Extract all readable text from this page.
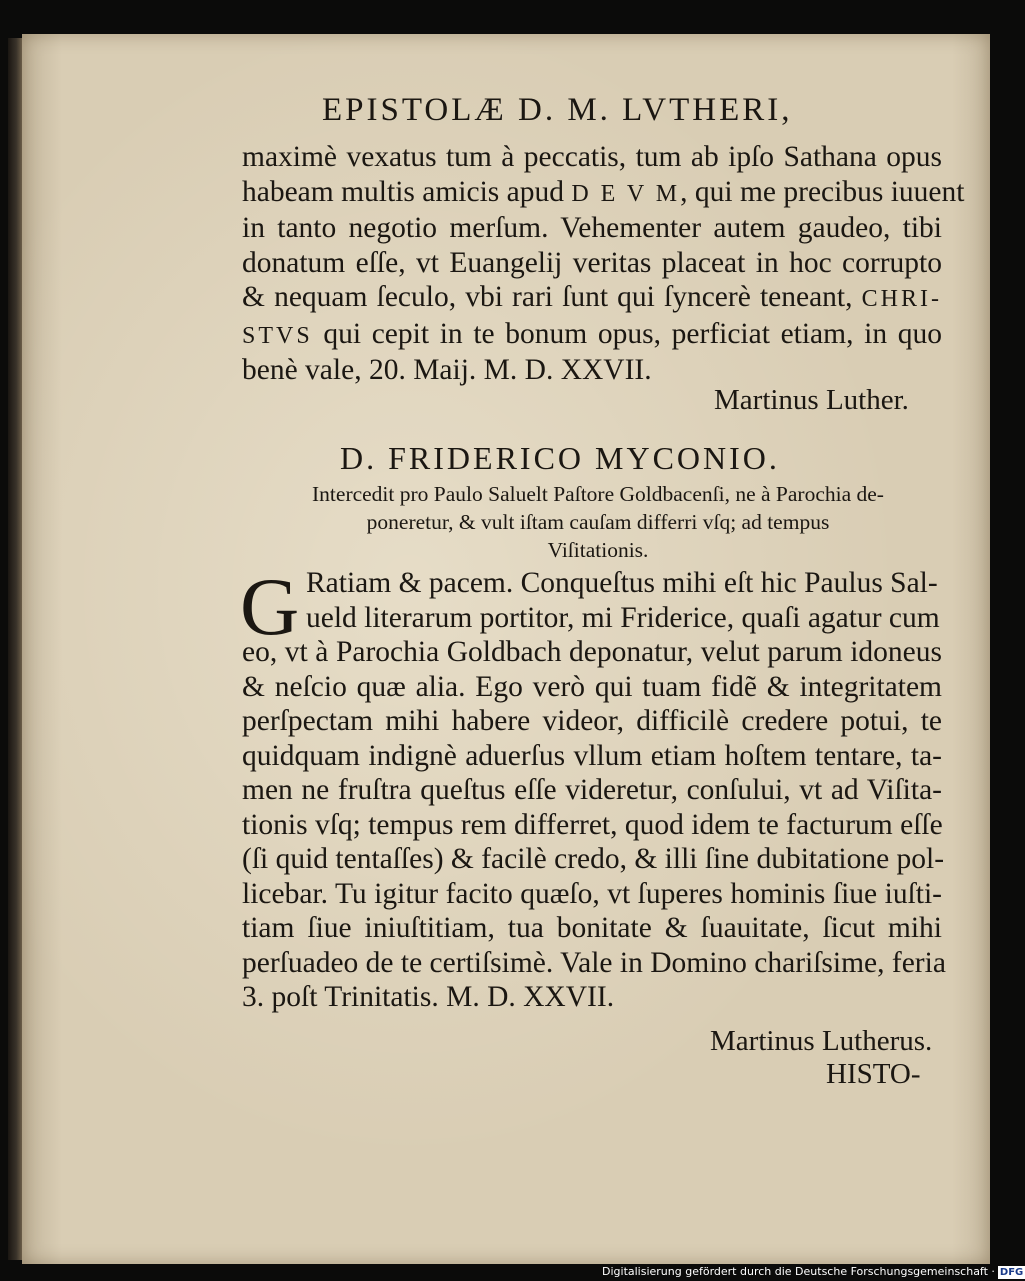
EPISTOLÆ D. M. LVTHERI,
maximè vexatus tum à peccatis, tum ab ipſo Sathana opus
habeam multis amicis apud D E V M, qui me precibus iuuent
in tanto negotio merſum. Vehementer autem gaudeo, tibi
donatum eſſe, vt Euangelij veritas placeat in hoc corrupto
& nequam ſeculo, vbi rari ſunt qui ſyncerè teneant, CHRI-
STVS qui cepit in te bonum opus, perficiat etiam, in quo
benè vale, 20. Maij. M. D. XXVII.
Martinus Luther.
D. FRIDERICO MYCONIO.
Intercedit pro Paulo Saluelt Paſtore Goldbacenſi, ne à Parochia de-
poneretur, & vult iſtam cauſam differri vſq; ad tempus
Viſitationis.
G Ratiam & pacem. Conqueſtus mihi eſt hic Paulus Sal-
ueld literarum portitor, mi Friderice, quaſi agatur cum
eo, vt à Parochia Goldbach deponatur, velut parum idoneus
& neſcio quæ alia. Ego verò qui tuam fidẽ & integritatem
perſpectam mihi habere videor, difficilè credere potui, te
quidquam indignè aduerſus vllum etiam hoſtem tentare, ta-
men ne fruſtra queſtus eſſe videretur, conſului, vt ad Viſita-
tionis vſq; tempus rem differret, quod idem te facturum eſſe
(ſi quid tentaſſes) & facilè credo, & illi ſine dubitatione pol-
licebar. Tu igitur facito quæſo, vt ſuperes hominis ſiue iuſti-
tiam ſiue iniuſtitiam, tua bonitate & ſuauitate, ſicut mihi
perſuadeo de te certiſsimè. Vale in Domino chariſsime, feria
3. poſt Trinitatis. M. D. XXVII.
Martinus Lutherus.
HISTO-
Digitalisierung gefördert durch die Deutsche Forschungsgemeinschaft · DFG
